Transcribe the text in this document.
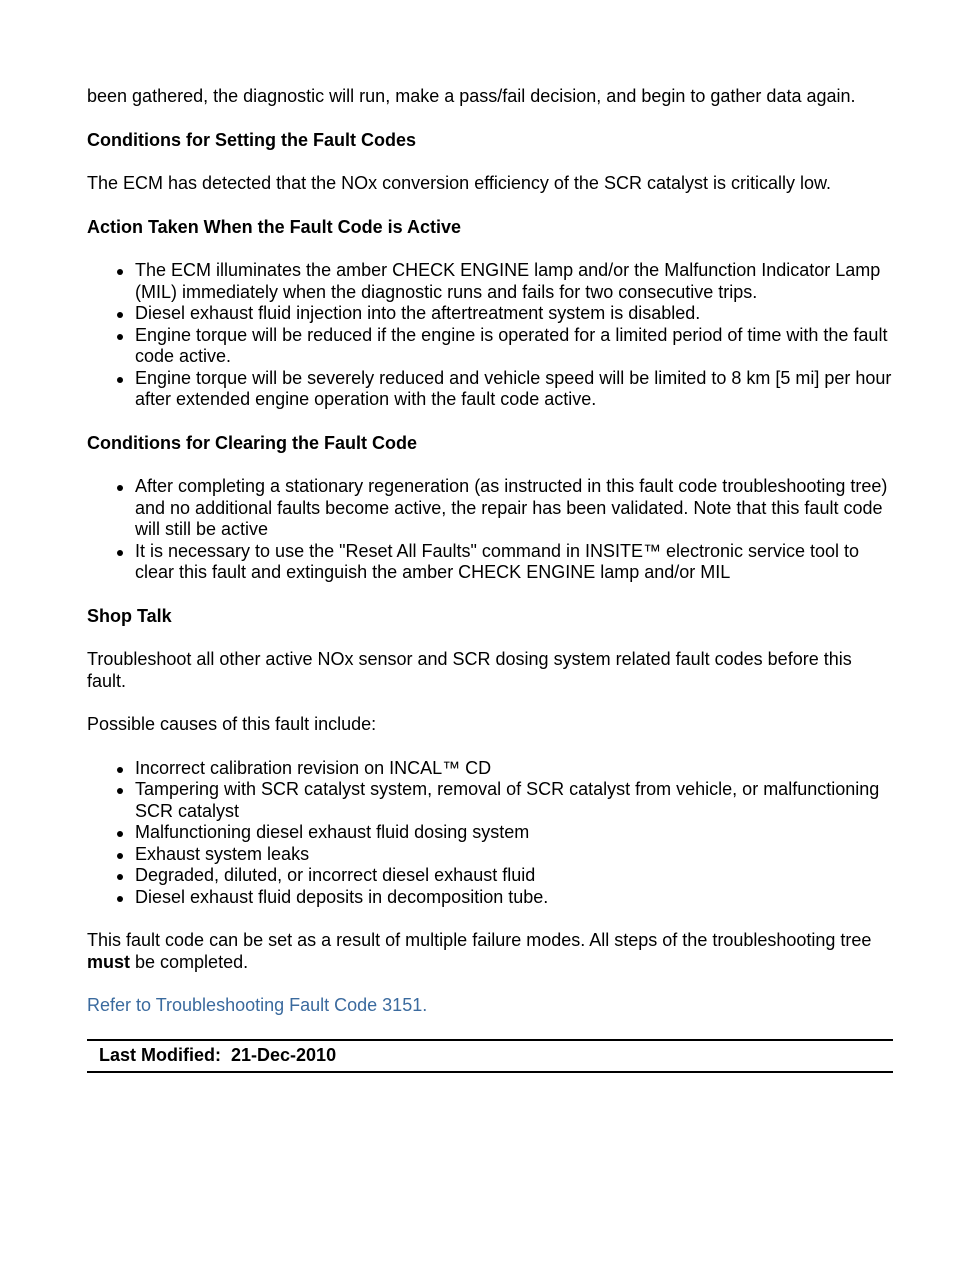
been gathered, the diagnostic will run, make a pass/fail decision, and begin to gather data again.

Conditions for Setting the Fault Codes

The ECM has detected that the NOx conversion efficiency of the SCR catalyst is critically low.

Action Taken When the Fault Code is Active
The ECM illuminates the amber CHECK ENGINE lamp and/or the Malfunction Indicator Lamp (MIL) immediately when the diagnostic runs and fails for two consecutive trips.
Diesel exhaust fluid injection into the aftertreatment system is disabled.
Engine torque will be reduced if the engine is operated for a limited period of time with the fault code active.
Engine torque will be severely reduced and vehicle speed will be limited to 8 km [5 mi] per hour after extended engine operation with the fault code active.
Conditions for Clearing the Fault Code
After completing a stationary regeneration (as instructed in this fault code troubleshooting tree) and no additional faults become active, the repair has been validated. Note that this fault code will still be active
It is necessary to use the "Reset All Faults" command in INSITE™ electronic service tool to clear this fault and extinguish the amber CHECK ENGINE lamp and/or MIL
Shop Talk

Troubleshoot all other active NOx sensor and SCR dosing system related fault codes before this fault.

Possible causes of this fault include:

Incorrect calibration revision on INCAL™ CD
Tampering with SCR catalyst system, removal of SCR catalyst from vehicle, or malfunctioning SCR catalyst
Malfunctioning diesel exhaust fluid dosing system
Exhaust system leaks
Degraded, diluted, or incorrect diesel exhaust fluid
Diesel exhaust fluid deposits in decomposition tube.

This fault code can be set as a result of multiple failure modes. All steps of the troubleshooting tree must be completed.

Refer to Troubleshooting Fault Code 3151.

Last Modified: 21-Dec-2010
